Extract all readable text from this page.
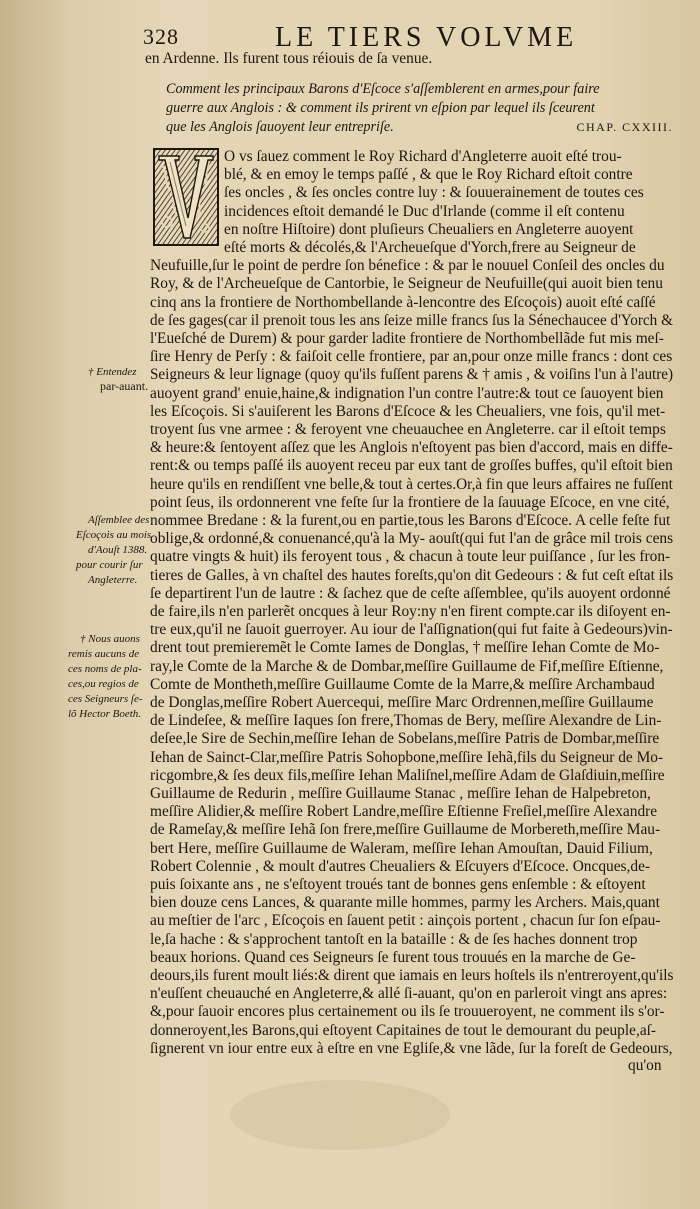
328	LE TIERS VOLVME
en Ardenne. Ils furent tous réiouis de ſa venue.
Comment les principaux Barons d'Eſcoce s'aſſemblerent en armes,pour faire
guerre aux Anglois : & comment ils prirent vn eſpion par lequel ils ſceurent
que les Anglois ſauoyent leur entrepriſe.	CHAP. CXXIII.
O vs ſauez comment le Roy Richard d'Angleterre auoit eſté trou-
blé, & en emoy le temps paſſé , & que le Roy Richard eſtoit contre
ſes oncles , & ſes oncles contre luy : & ſouuerainement de toutes ces
incidences eſtoit demandé le Duc d'Irlande (comme il eſt contenu
en noſtre Hiſtoire) dont pluſieurs Cheualiers en Angleterre auoyent
eſté morts & décolés,& l'Archeueſque d'Yorch,frere au Seigneur de
Neufuille,ſur le point de perdre ſon bénefice : & par le nouuel Conſeil des oncles du
Roy, & de l'Archeueſque de Cantorbie, le Seigneur de Neufuille(qui auoit bien tenu
cinq ans la frontiere de Northombellande à-lencontre des Eſcoçois) auoit eſté caſſé
de ſes gages(car il prenoit tous les ans ſeize mille francs ſus la Sénechaucee d'Yorch &
l'Eueſché de Durem) & pour garder ladite frontiere de Northombellãde fut mis meſ-
ſire Henry de Perſy : & faiſoit celle frontiere, par an,pour onze mille francs : dont ces
Seigneurs & leur lignage (quoy qu'ils fuſſent parens & † amis , & voiſins l'un à l'autre)
auoyent grand' enuie,haine,& indignation l'un contre l'autre:& tout ce ſauoyent bien
les Eſcoçois. Si s'auiſerent les Barons d'Eſcoce & les Cheualiers, vne fois, qu'il met-
troyent ſus vne armee : & feroyent vne cheuauchee en Angleterre. car il eſtoit temps
& heure:& ſentoyent aſſez que les Anglois n'eſtoyent pas bien d'accord, mais en diffe-
rent:& ou temps paſſé ils auoyent receu par eux tant de groſſes buffes, qu'il eſtoit bien
heure qu'ils en rendiſſent vne belle,& tout à certes.Or,à fin que leurs affaires ne fuſſent
point ſeus, ils ordonnerent vne feſte ſur la frontiere de la ſauuage Eſcoce, en vne cité,
nommee Bredane : & la furent,ou en partie,tous les Barons d'Eſcoce. A celle feſte fut
oblige,& ordonné,& conuenancé,qu'à la My- aouſt(qui fut l'an de grâce mil trois cens
quatre vingts & huit) ils feroyent tous , & chacun à toute leur puiſſance , ſur les fron-
tieres de Galles, à vn chaſtel des hautes foreſts,qu'on dit Gedeours : & fut ceſt eſtat ils
ſe departirent l'un de lautre : & ſachez que de ceſte aſſemblee, qu'ils auoyent ordonné
de faire,ils n'en parlerẽt oncques à leur Roy:ny n'en firent compte.car ils diſoyent en-
tre eux,qu'il ne ſauoit guerroyer. Au iour de l'aſſignation(qui fut faite à Gedeours)vin-
drent tout premieremẽt le Comte Iames de Donglas, † meſſire Iehan Comte de Mo-
ray,le Comte de la Marche & de Dombar,meſſire Guillaume de Fif,meſſire Eſtienne,
Comte de Montheth,meſſire Guillaume Comte de la Marre,& meſſire Archambaud
de Donglas,meſſire Robert Auercequi, meſſire Marc Ordrennen,meſſire Guillaume
de Lindeſee, & meſſire Iaques ſon frere,Thomas de Bery, meſſire Alexandre de Lin-
deſee,le Sire de Sechin,meſſire Iehan de Sobelans,meſſire Patris de Dombar,meſſire
Iehan de Sainct-Clar,meſſire Patris Sohopbone,meſſire Iehã,fils du Seigneur de Mo-
ricgombre,& ſes deux fils,meſſire Iehan Maliſnel,meſſire Adam de Glaſdiuin,meſſire
Guillaume de Redurin , meſſire Guillaume Stanac , meſſire Iehan de Halpebreton,
meſſire Alidier,& meſſire Robert Landre,meſſire Eſtienne Freſiel,meſſire Alexandre
de Rameſay,& meſſire Iehã ſon frere,meſſire Guillaume de Morbereth,meſſire Mau-
bert Here, meſſire Guillaume de Waleram, meſſire Iehan Amouſtan, Dauid Filium,
Robert Colennie , & moult d'autres Cheualiers & Eſcuyers d'Eſcoce. Oncques,de-
puis ſoixante ans , ne s'eſtoyent troués tant de bonnes gens enſemble : & eſtoyent
bien douze cens Lances, & quarante mille hommes, parmy les Archers. Mais,quant
au meſtier de l'arc , Eſcoçois en ſauent petit : ainçois portent , chacun ſur ſon eſpau-
le,ſa hache : & s'approchent tantoſt en la bataille : & de ſes haches donnent trop
beaux horions. Quand ces Seigneurs ſe furent tous trouués en la marche de Ge-
deours,ils furent moult liés:& dirent que iamais en leurs hoſtels ils n'entreroyent,qu'ils
n'euſſent cheuauché en Angleterre,& allé ſi-auant, qu'on en parleroit vingt ans apres:
&,pour ſauoir encores plus certainement ou ils ſe trouueroyent, ne comment ils s'or-
donneroyent,les Barons,qui eſtoyent Capitaines de tout le demourant du peuple,aſ-
ſignerent vn iour entre eux à eſtre en vne Egliſe,& vne lãde, ſur la foreſt de Gedeours,
qu'on
† Entendez
par-auant.
Aſſemblee des
Eſcoçois au mois
d'Aouſt 1388.
pour courir ſur
Angleterre.
† Nous auons
remis aucuns de
ces noms de pla-
ces,ou regios de
ces Seigneurs ſe-
lõ Hector Boeth.
